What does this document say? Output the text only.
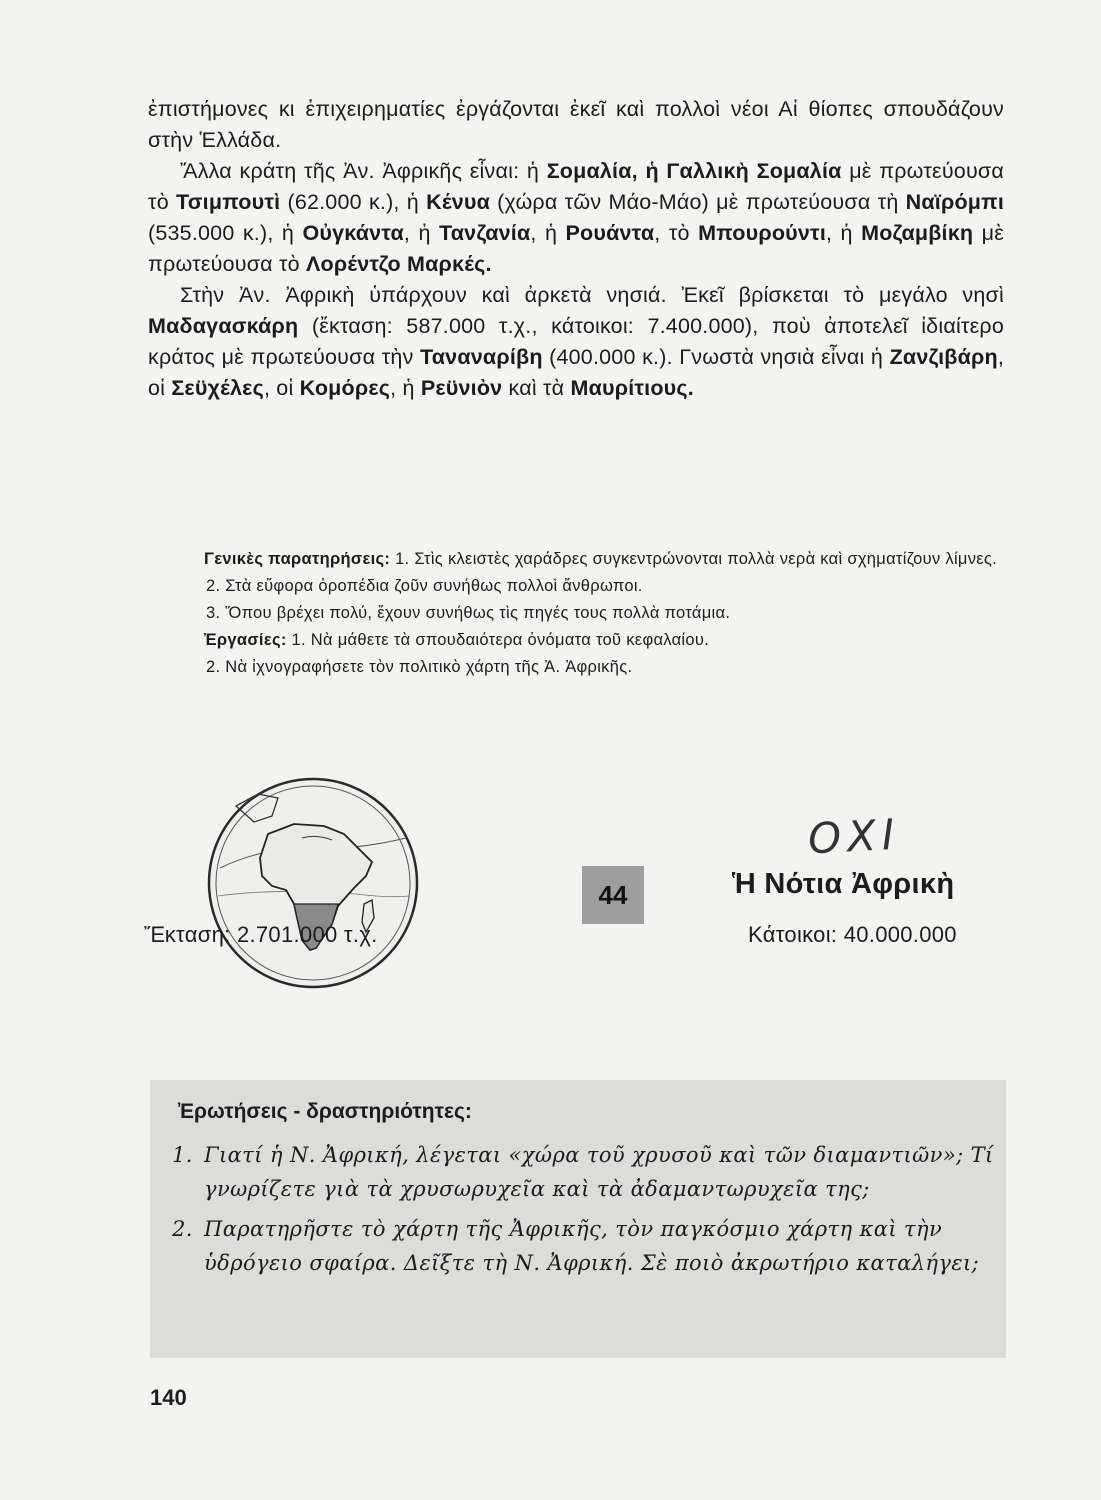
ἐπιστήμονες κι ἐπιχειρηματίες ἐργάζονται ἐκεῖ καὶ πολλοὶ νέοι Αἰ θίοπες σπουδάζουν στὴν Ἑλλάδα.

Ἄλλα κράτη τῆς Ἀν. Ἀφρικῆς εἶναι: ἡ Σομαλία, ἡ Γαλλικὴ Σομαλία μὲ πρωτεύουσα τὸ Τσιμπουτὶ (62.000 κ.), ἡ Κένυα (χώρα τῶν Μάο-Μάο) μὲ πρωτεύουσα τὴ Ναϊρόμπι (535.000 κ.), ἡ Οὐγκάντα, ἡ Τανζανία, ἡ Ρουάντα, τὸ Μπουρούντι, ἡ Μοζαμβίκη μὲ πρωτεύουσα τὸ Λορέντζο Μαρκές.

Στὴν Ἀν. Ἀφρικὴ ὑπάρχουν καὶ ἀρκετὰ νησιά. Ἐκεῖ βρίσκεται τὸ μεγάλο νησὶ Μαδαγασκάρη (ἔκταση: 587.000 τ.χ., κάτοικοι: 7.400.000), ποὺ ἀποτελεῖ ἰδιαίτερο κράτος μὲ πρωτεύουσα τὴν Ταναναρίβη (400.000 κ.). Γνωστὰ νησιὰ εἶναι ἡ Ζανζιβάρη, οἱ Σεϋχέλες, οἱ Κομόρες, ἡ Ρεϋνιὸν καὶ τὰ Μαυρίτιους.

Γενικὲς παρατηρήσεις: 1. Στὶς κλειστὲς χαράδρες συγκεντρώνονται πολλὰ νερὰ καὶ σχηματίζουν λίμνες.

2. Στὰ εὔφορα ὀροπέδια ζοῦν συνήθως πολλοὶ ἄνθρωποι.

3. Ὅπου βρέχει πολύ, ἔχουν συνήθως τὶς πηγές τους πολλὰ ποτάμια.

Ἐργασίες: 1. Νὰ μάθετε τὰ σπουδαιότερα ὀνόματα τοῦ κεφαλαίου.

2. Νὰ ἰχνογραφήσετε τὸν πολιτικὸ χάρτη τῆς Ἀ. Ἀφρικῆς.

ΟΧΙ
44	Ἡ Νότια Ἀφρικὴ
Ἔκταση: 2.701.000 τ.χ.	Κάτοικοι: 40.000.000
Ἐρωτήσεις - δραστηριότητες:
1. Γιατί ἡ Ν. Ἀφρική, λέγεται «χώρα τοῦ χρυσοῦ καὶ τῶν διαμαντιῶν»; Τί γνωρίζετε γιὰ τὰ χρυσωρυχεῖα καὶ τὰ ἀδαμαντωρυχεῖα της;
2. Παρατηρῆστε τὸ χάρτη τῆς Ἀφρικῆς, τὸν παγκόσμιο χάρτη καὶ τὴν ὑδρόγειο σφαίρα. Δεῖξτε τὴ Ν. Ἀφρική. Σὲ ποιὸ ἀκρωτήριο καταλήγει;
140
